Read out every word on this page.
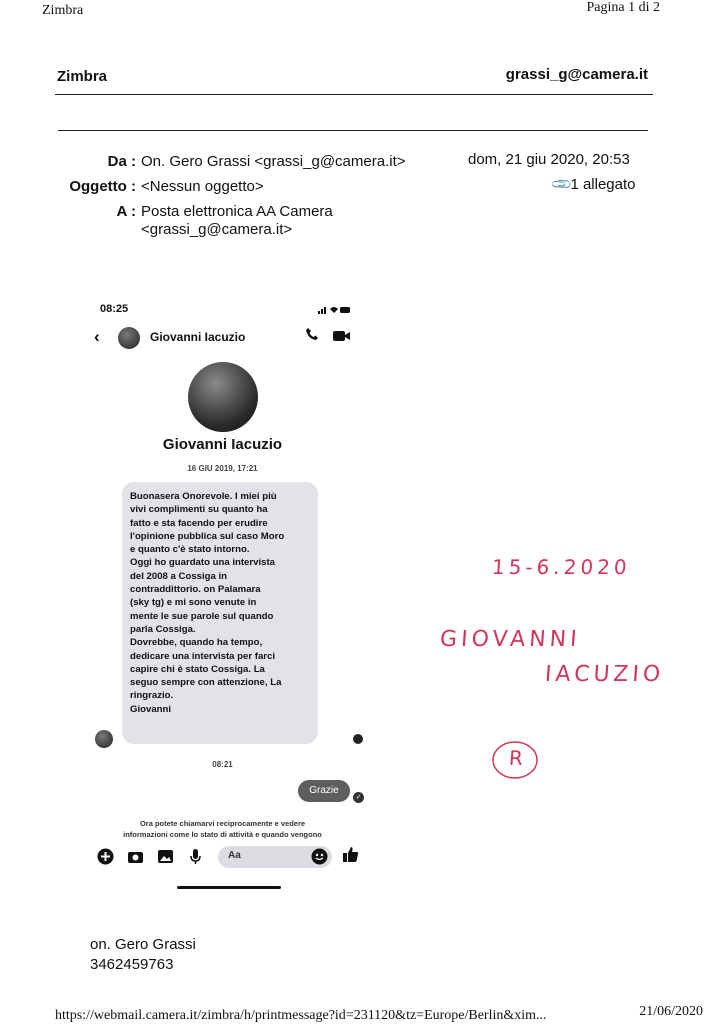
Zimbra	Pagina 1 di 2
Zimbra	grassi_g@camera.it
Da : On. Gero Grassi <grassi_g@camera.it>	dom, 21 giu 2020, 20:53
Oggetto : <Nessun oggetto>	📎1 allegato
A : Posta elettronica AA Camera
<grassi_g@camera.it>
08:25
‹	Giovanni Iacuzio
Giovanni Iacuzio
16 GIU 2019, 17:21
Buonasera Onorevole. I miei più
vivi complimenti su quanto ha
fatto e sta facendo per erudire
l'opinione pubblica sul caso Moro
e quanto c'è stato intorno.
Oggi ho guardato una intervista
del 2008 a Cossiga in
contraddittorio. on Palamara
(sky tg) e mi sono venute in
mente le sue parole sul quando
parla Cossiga.
Dovrebbe, quando ha tempo,
dedicare una intervista per farci
capire chi è stato Cossiga. La
seguo sempre con attenzione, La
ringrazio.
Giovanni
08:21
Grazie
✓
Ora potete chiamarvi reciprocamente e vedere
informazioni come lo stato di attività e quando vengono
Aa
15-6.2020
GIOVANNI
IACUZIO
R
on. Gero Grassi
3462459763
https://webmail.camera.it/zimbra/h/printmessage?id=231120&tz=Europe/Berlin&xim...	21/06/2020
